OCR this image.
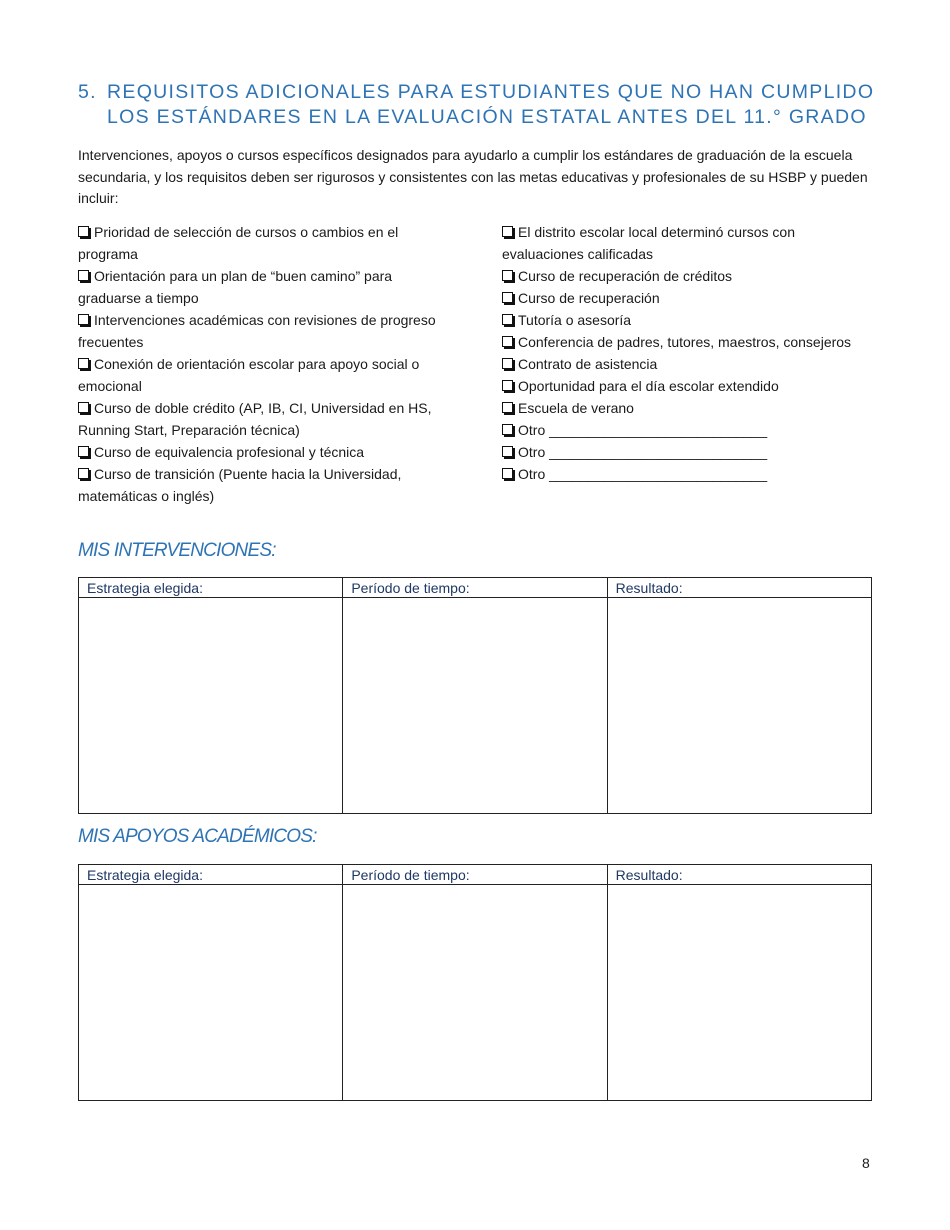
5. REQUISITOS ADICIONALES PARA ESTUDIANTES QUE NO HAN CUMPLIDO LOS ESTÁNDARES EN LA EVALUACIÓN ESTATAL ANTES DEL 11.° GRADO
Intervenciones, apoyos o cursos específicos designados para ayudarlo a cumplir los estándares de graduación de la escuela secundaria, y los requisitos deben ser rigurosos y consistentes con las metas educativas y profesionales de su HSBP y pueden incluir:

Prioridad de selección de cursos o cambios en el programa

Orientación para un plan de “buen camino” para graduarse a tiempo

Intervenciones académicas con revisiones de progreso frecuentes

Conexión de orientación escolar para apoyo social o emocional

Curso de doble crédito (AP, IB, CI, Universidad en HS, Running Start, Preparación técnica)

Curso de equivalencia profesional y técnica

Curso de transición (Puente hacia la Universidad, matemáticas o inglés)

El distrito escolar local determinó cursos con evaluaciones calificadas

Curso de recuperación de créditos

Curso de recuperación

Tutoría o asesoría

Conferencia de padres, tutores, maestros, consejeros

Contrato de asistencia

Oportunidad para el día escolar extendido

Escuela de verano

Otro ____________________________

Otro ____________________________

Otro ____________________________

MIS INTERVENCIONES:
Estrategia elegida:	Período de tiempo:	Resultado:

MIS APOYOS ACADÉMICOS:
Estrategia elegida:	Período de tiempo:	Resultado:

8
